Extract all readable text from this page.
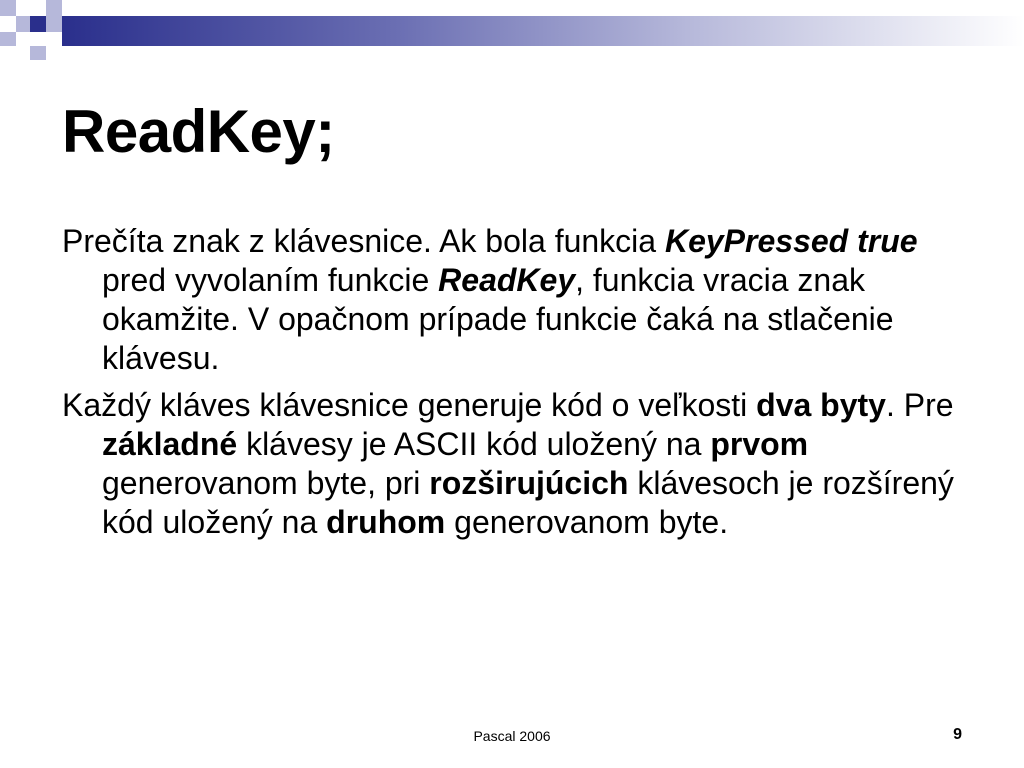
ReadKey;

Prečíta znak z klávesnice. Ak bola funkcia KeyPressed true pred vyvolaním funkcie ReadKey, funkcia vracia znak okamžite. V opačnom prípade funkcie čaká na stlačenie klávesu.

Každý kláves klávesnice generuje kód o veľkosti dva byty. Pre základné klávesy je ASCII kód uložený na prvom generovanom byte, pri rozširujúcich klávesoch je rozšírený kód uložený na druhom generovanom byte.

Pascal 2006	9
